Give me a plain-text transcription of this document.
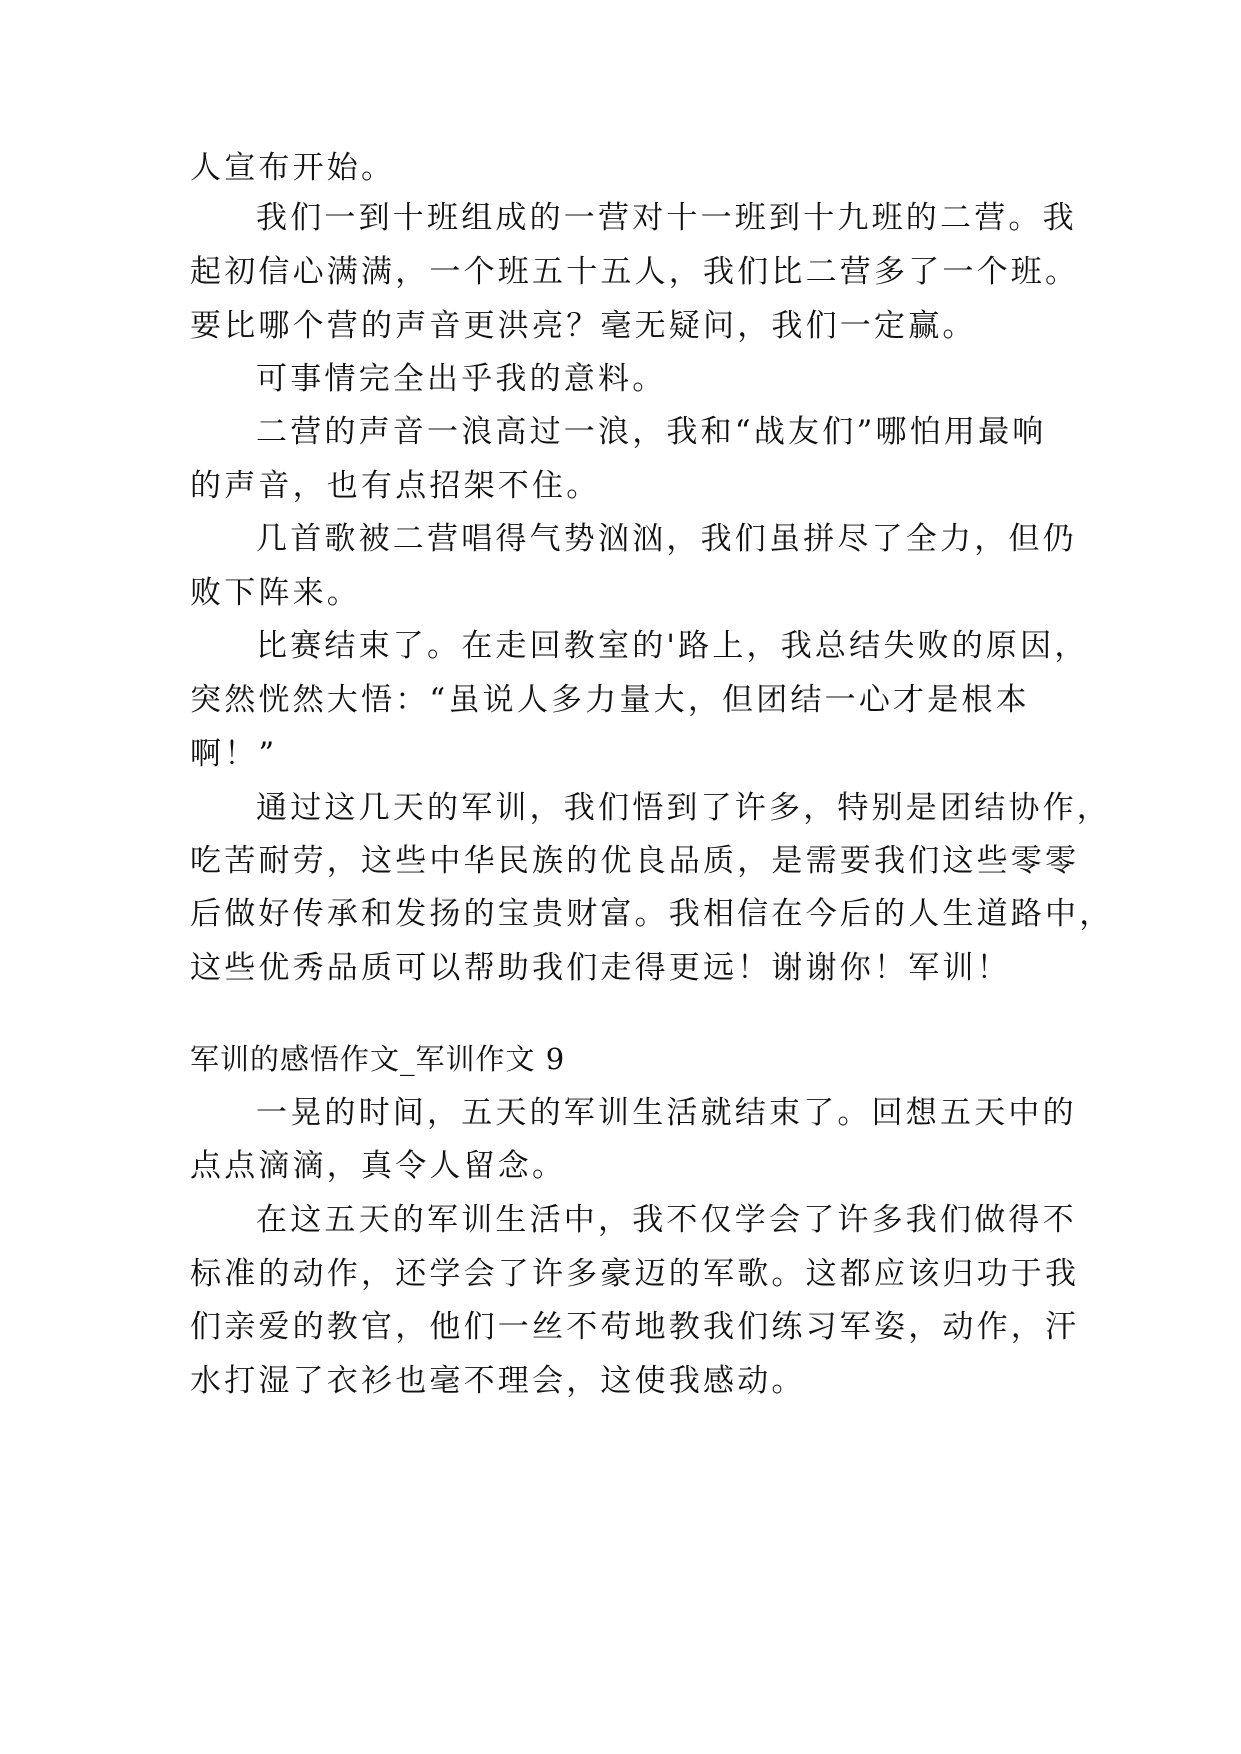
人宣布开始。

我们一到十班组成的一营对十一班到十九班的二营。我

起初信心满满，一个班五十五人，我们比二营多了一个班。

要比哪个营的声音更洪亮？毫无疑问，我们一定赢。

可事情完全出乎我的意料。

二营的声音一浪高过一浪，我和“战友们”哪怕用最响

的声音，也有点招架不住。

几首歌被二营唱得气势汹汹，我们虽拼尽了全力，但仍

败下阵来。

比赛结束了。在走回教室的'路上，我总结失败的原因，

突然恍然大悟：“虽说人多力量大，但团结一心才是根本

啊！”

通过这几天的军训，我们悟到了许多，特别是团结协作，

吃苦耐劳，这些中华民族的优良品质，是需要我们这些零零

后做好传承和发扬的宝贵财富。我相信在今后的人生道路中，

这些优秀品质可以帮助我们走得更远！谢谢你！军训！

军训的感悟作文_军训作文 9

一晃的时间，五天的军训生活就结束了。回想五天中的

点点滴滴，真令人留念。

在这五天的军训生活中，我不仅学会了许多我们做得不

标准的动作，还学会了许多豪迈的军歌。这都应该归功于我

们亲爱的教官，他们一丝不苟地教我们练习军姿，动作，汗

水打湿了衣衫也毫不理会，这使我感动。
